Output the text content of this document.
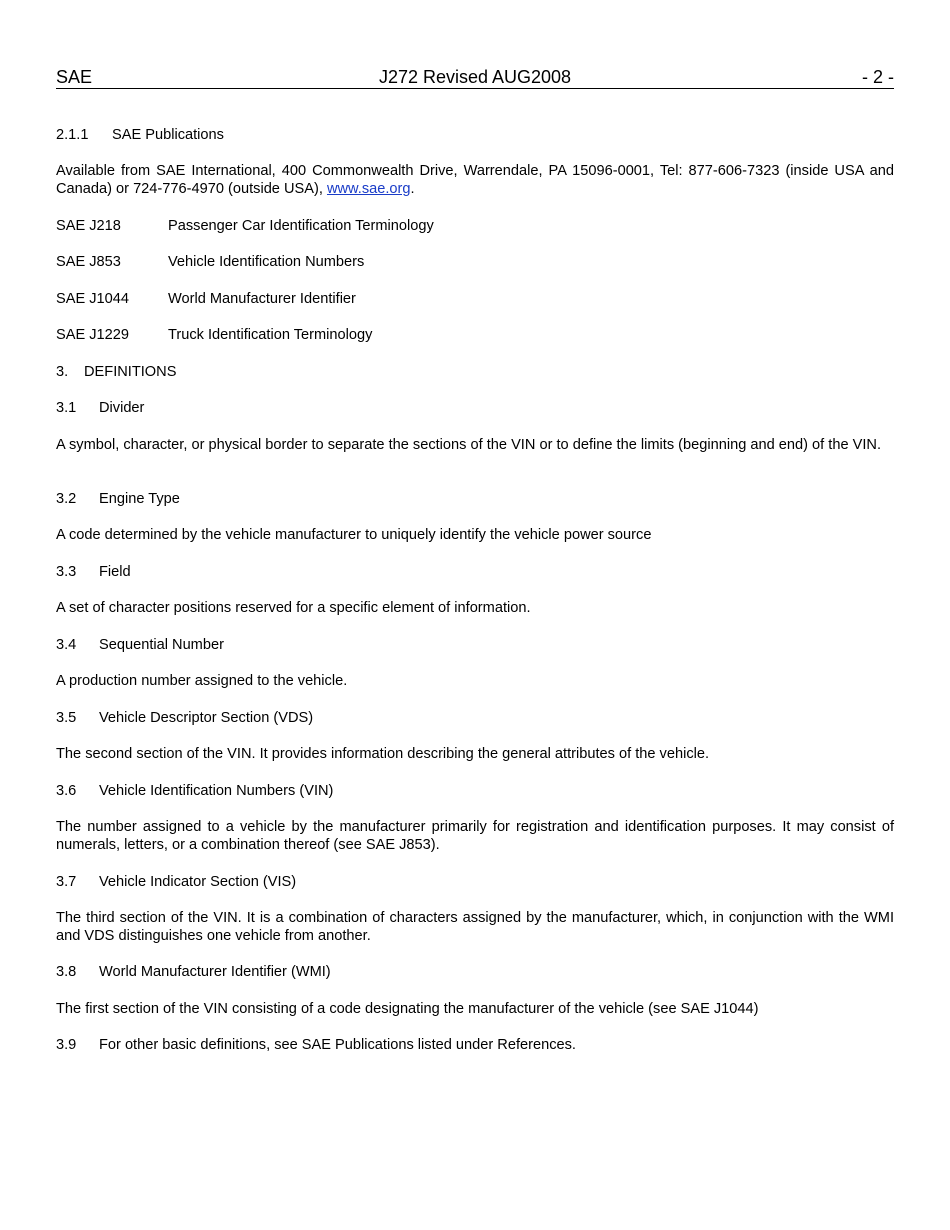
SAE	J272 Revised AUG2008	- 2 -
2.1.1 SAE Publications
Available from SAE International, 400 Commonwealth Drive, Warrendale, PA 15096-0001, Tel: 877-606-7323 (inside USA and Canada) or 724-776-4970 (outside USA), www.sae.org.
SAE J218	Passenger Car Identification Terminology
SAE J853	Vehicle Identification Numbers
SAE J1044	World Manufacturer Identifier
SAE J1229	Truck Identification Terminology
3. DEFINITIONS
3.1 Divider
A symbol, character, or physical border to separate the sections of the VIN or to define the limits (beginning and end) of the VIN.
3.2 Engine Type
A code determined by the vehicle manufacturer to uniquely identify the vehicle power source
3.3 Field
A set of character positions reserved for a specific element of information.
3.4 Sequential Number
A production number assigned to the vehicle.
3.5 Vehicle Descriptor Section (VDS)
The second section of the VIN. It provides information describing the general attributes of the vehicle.
3.6 Vehicle Identification Numbers (VIN)
The number assigned to a vehicle by the manufacturer primarily for registration and identification purposes. It may consist of numerals, letters, or a combination thereof (see SAE J853).
3.7 Vehicle Indicator Section (VIS)
The third section of the VIN. It is a combination of characters assigned by the manufacturer, which, in conjunction with the WMI and VDS distinguishes one vehicle from another.
3.8 World Manufacturer Identifier (WMI)
The first section of the VIN consisting of a code designating the manufacturer of the vehicle (see SAE J1044)
3.9 For other basic definitions, see SAE Publications listed under References.
